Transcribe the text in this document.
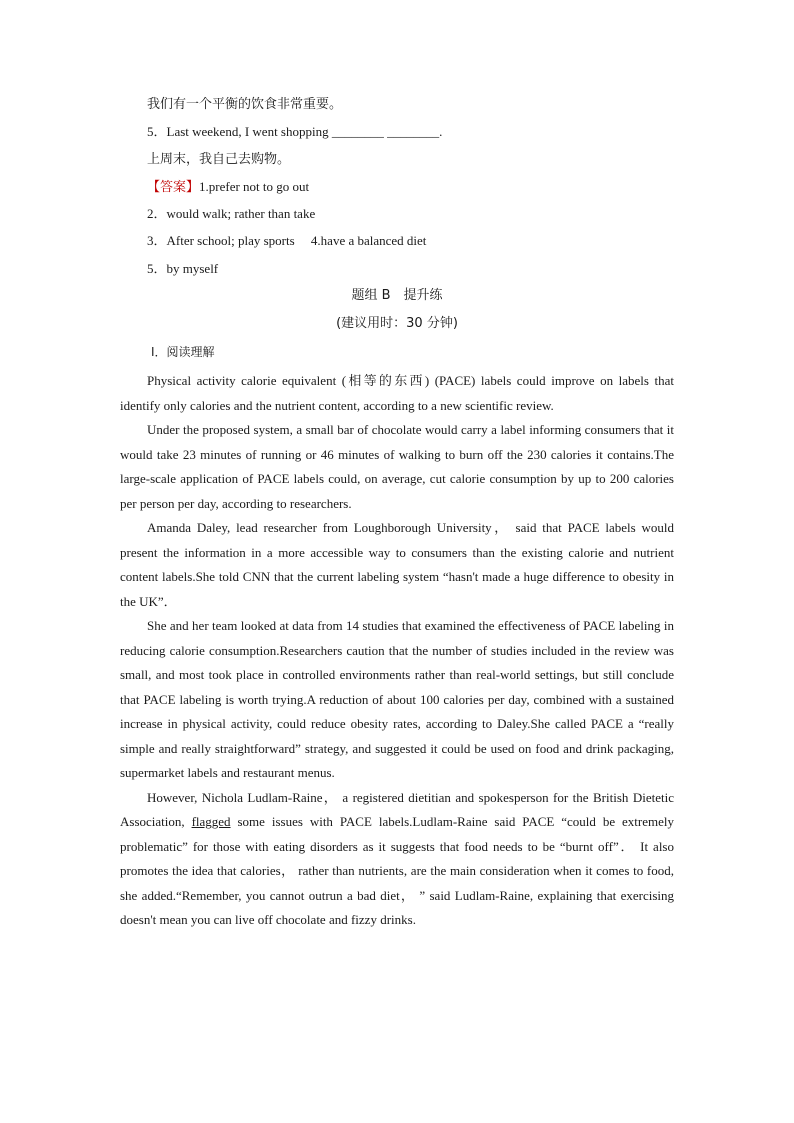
我们有一个平衡的饮食非常重要。
5．Last weekend, I went shopping ________ ________.
上周末，我自己去购物。
【答案】1.prefer not to go out
2．would walk; rather than take
3．After school; play sports　 4.have a balanced diet
5．by myself
题组 B　提升练
(建议用时：30 分钟)
Ⅰ．阅读理解

Physical activity calorie equivalent (相等的东西) (PACE) labels could improve on labels that identify only calories and the nutrient content, according to a new scientific review.

Under the proposed system, a small bar of chocolate would carry a label informing consumers that it would take 23 minutes of running or 46 minutes of walking to burn off the 230 calories it contains.The large-scale application of PACE labels could, on average, cut calorie consumption by up to 200 calories per person per day, according to researchers.

Amanda Daley, lead researcher from Loughborough University， said that PACE labels would present the information in a more accessible way to consumers than the existing calorie and nutrient content labels.She told CNN that the current labeling system “hasn't made a huge difference to obesity in the UK”．

She and her team looked at data from 14 studies that examined the effectiveness of PACE labeling in reducing calorie consumption.Researchers caution that the number of studies included in the review was small, and most took place in controlled environments rather than real-world settings, but still conclude that PACE labeling is worth trying.A reduction of about 100 calories per day, combined with a sustained increase in physical activity, could reduce obesity rates, according to Daley.She called PACE a “really simple and really straightforward” strategy, and suggested it could be used on food and drink packaging, supermarket labels and restaurant menus.

However, Nichola Ludlam-Raine， a registered dietitian and spokesperson for the British Dietetic Association, flagged some issues with PACE labels.Ludlam-Raine said PACE “could be extremely problematic” for those with eating disorders as it suggests that food needs to be “burnt off”． It also promotes the idea that calories， rather than nutrients, are the main consideration when it comes to food, she added.“Remember, you cannot outrun a bad diet， ” said Ludlam-Raine, explaining that exercising doesn't mean you can live off chocolate and fizzy drinks.
